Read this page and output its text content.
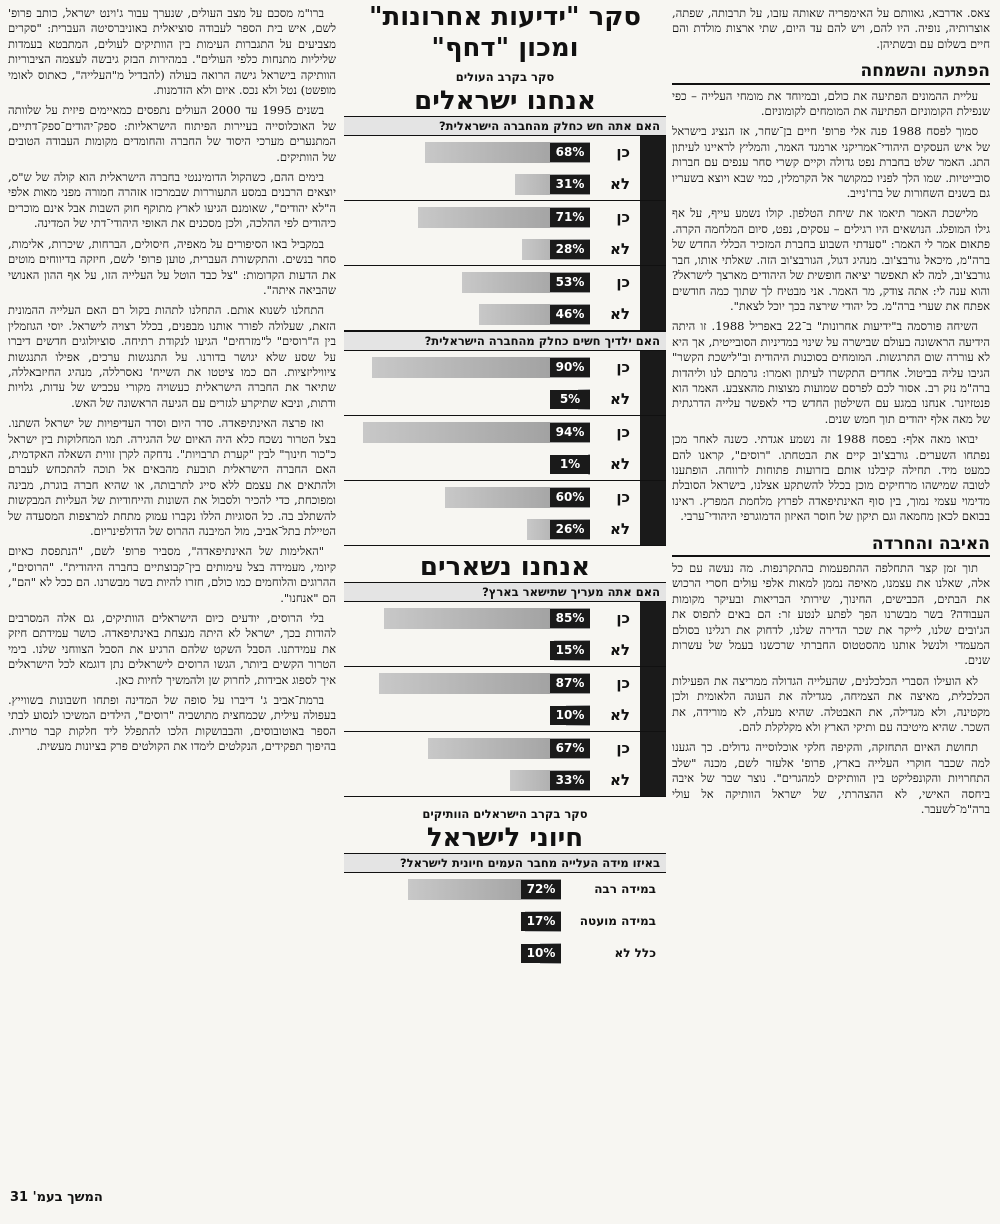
צאס. אדרבא, גאוותם על האימפריה שאותה עזבו, על תרבותה, שפתה, אוצרותיה, נופיה. היו להם, ויש להם עד היום, שתי ארצות מולדת והם חיים בשלום עם ובשתיהן.

הפתעה והשמחה

עליית ההמונים הפתיעה את כולם, ובמיוחד את מומחי העלייה – כפי שנפילת הקומוניזם הפתיעה את המומחים לקומוניזם.

סמוך לפסח 1988 פנה אלי פרופ' חיים בן־שחר, אז הנציג בישראל של איש העסקים היהודי־אמריקני ארמנד האמר, והמליץ לראיינו לעיתון התג. האמר שלט בחברת נפט גדולה וקיים קשרי סחר ענפים עם חברות סובייטיות. שמו הלך לפניו כמקושר אל הקרמלין, כמי שבא ויוצא בשעריו גם בשנים השחורות של ברז'נייב.

מלישכת האמר תיאמו את שיחת הטלפון. קולו נשמע עייף, על אף גילו המופלג. הנושאים היו רגילים – עסקים, נפט, סיום המלחמה הקרה. פתאום אמר לי האמר: "סעדתי השבוע בחברת המזכיר הכללי החדש של ברה"מ, מיכאל גורבצ'וב. מנהיג דגול, הגורבצ'וב הזה. שאלתי אותו, חבר גורבצ'וב, למה לא תאפשר יציאה חופשית של היהודים מארצך לישראל? והוא ענה לי: אתה צודק, מר האמר. אני מבטיח לך שתוך כמה חודשים אפתח את שערי ברה"מ. כל יהודי שירצה בכך יוכל לצאת".

השיחה פורסמה ב"ידיעות אחרונות" ב־22 באפריל 1988. זו היתה הידיעה הראשונה בעולם שבישרה על שינוי במדיניות הסובייטית, אך היא לא עוררה שום התרגשות. המומחים בסוכנות היהודית וב"לישכת הקשר" הגיבו עליה בביטול. אחדים התקשרו לעיתון ואמרו: גרמתם לנו וליהדות ברה"מ נזק רב. אסור לכם לפרסם שמועות מצוצות מהאצבע. האמר הוא פנטזיונר. אנחנו במגע עם השילטון החדש כדי לאפשר עלייה הדרגתית של מאה אלף יהודים תוך חמש שנים.

יבואו מאה אלף: בפסח 1988 זה נשמע אגדתי. כשנה לאחר מכן נפתחו השערים. גורבצ'וב קיים את הבטחתו. "רוסים", קראנו להם כמעט מיד. תחילה קיבלנו אותם בזרועות פתוחות לרווחה. הופתענו לטובה שמישהו מרחיקים מוכן בכלל להשתקע אצלנו, בישראל הסובלת מדימוי עצמי נמוך, בין סוף האינתיפאדה לפרוץ מלחמת המפרץ. ראינו בבואם לכאן מחמאה וגם תיקון של חוסר האיזון הדמוגרפי היהודי־ערבי.

האיבה והחרדה

תוך זמן קצר התחלפה ההתפעמות בהתקרנפות. מה נעשה עם כל אלה, שאלנו את עצמנו, מאיפה נממן למאות אלפי עולים חסרי הרכוש את הבתים, הכבישים, החינוך, שירותי הבריאות ובעיקר מקומות העבודה? בשר מבשרנו הפך לפתע לנטע זר: הם באים לתפוס את הג'ובים שלנו, לייקר את שכר הדירה שלנו, לדחוק את רגלינו בסולם המעמדי ולנשל אותנו מהסטטוס החברתי שרכשנו בעמל של עשרות שנים.

לא הועילו הסברי הכלכלנים, שהעלייה הגדולה ממריצה את הפעילות הכלכלית, מאיצה את הצמיחה, מגדילה את העוגה הלאומית ולכן מקטינה, ולא מגדילה, את האבטלה. שהיא מעלה, לא מורידה, את השכר. שהיא מיטיבה עם ותיקי הארץ ולא מקלקלת להם.

תחושת האיום התחזקה, והקיפה חלקי אוכלוסייה גדולים. כך הגענו למה שכבר חוקרי העלייה בארץ, פרופ' אלעזר לשם, מכנה "שלב התחרויות והקונפליקט בין הוותיקים למהגרים". נוצר שבר של איבה ביחסה האישי, לא ההצהרתי, של ישראל הוותיקה אל עולי ברה"מ־לשעבר.

סקר "ידיעות אחרונות"
ומכון "דחף"
סקר בקרב העולים
אנחנו ישראלים
האם אתה חש כחלק מהחברה הישראלית?
כן
68%
לא
31%
כן
71%
לא
28%
כן
53%
לא
46%
האם ילדיך חשים כחלק מהחברה הישראלית?
כן
90%
לא
5%
כן
94%
לא
1%
כן
60%
לא
26%
אנחנו נשארים
האם אתה מעריך שתישאר בארץ?
כן
85%
לא
15%
כן
87%
לא
10%
כן
67%
לא
33%
סקר בקרב הישראלים הוותיקים
חיוני לישראל
באיזו מידה העלייה מחבר העמים חיונית לישראל?
במידה רבה
72%
במידה מועטה
17%
כלל לא
10%

ברו"מ מסכם על מצב העולים, שנערך עבור ג'וינט ישראל, כותב פרופ' לשם, איש בית הספר לעבודה סוציאלית באוניברסיטה העברית: "סקרים מצביעים על התגברות העימות בין הוותיקים לעולים, המתבטא בעמדות שליליות מתנחות כלפי העולים". במהירות הבזק גיבשה לעצמה הציבוריות הוותיקה בישראל גישה הרואה בעולה (להבדיל מ"העלייה", כאתוס לאומי מופשט) נטל ולא נכס. איום ולא הזדמנות.

בשנים 1995 עד 2000 העולים נתפסים כמאיימים פיזית על שלוותה של האוכלוסייה בעיירות הפיתוח הישראליות: ספק־יהודים־ספק־דתיים, המתנערים מערכי היסוד של החברה והחומדים מקומות העבודה הטובים של הוותיקים.

בימים ההם, כשהקול הדומיננטי בחברה הישראלית הוא קולה של ש"ס, יוצאים הרבנים במסע התעוררות שבמרכזו אזהרה חמורה מפני מאות אלפי ה"לא יהודים", שאומנם הגיעו לארץ מתוקף חוק השבות אבל אינם מוכרים כיהודים לפי ההלכה, ולכן מסכנים את האופי היהודי־דתי של המדינה.

במקביל באו הסיפורים על מאפיה, חיסולים, הברחות, שיכרות, אלימות, סחר בנשים. והתקשורת העברית, טוען פרופ' לשם, חיזקה בדיווחים מוטים את הדעות הקדומות: "צל כבד הוטל על העלייה הזו, על אף ההון האנושי שהביאה איתה".

התחלנו לשנוא אותם. התחלנו לתהות בקול רם האם העלייה ההמונית הזאת, שעלולה לפורר אותנו מבפנים, בכלל רצויה לישראל. יוסי הגוזמלין בין ה"רוסים" ל"מזרחים" הגיעו לנקודת רתיחה. סוציולוגים חדשים דיברו על שסע שלא יגושר בדורנו. על התנגשות ערכים, אפילו התנגשות ציוויליזציות. הם כמו ציטטו את השייח' נאסרללה, מנהיג החיזבאללה, שתיאר את החברה הישראלית כעשויה מקורי עכביש של עדות, גלויות ודתות, וניבא שתיקרע לגזרים עם הגיעה הראשונה של האש.

ואז פרצה האינתיפאדה. סדר היום וסדר העדיפויות של ישראל השתנו. בצל הטרור נשכח כלא היה האיום של ההגירה. תמו המחלוקות בין ישראל כ"כור חינוך" לבין "קערת תרבויות". נדחקה לקרן זווית השאלה האקדמית, האם החברה הישראלית תובעת מהבאים אל תוכה להתכחש לעברם ולהתאים את עצמם ללא סייג לתרבותה, או שהיא חברה בוגרת, מבינה ומפוכחת, כדי להכיר ולסבול את השונות והייחודיות של העליות המבקשות להשתלב בה. כל הסוגיות הללו נקברו עמוק מתחת למרצפות המסעדה של הטיילת בתל־אביב, מול המיבנה ההרוס של הדולפינריום.

"האלימות של האינתיפאדה", מסביר פרופ' לשם, "הנתפסת כאיום קיומי, מעמידה בצל עימותים בין־קבוצתיים בחברה היהודית". "הרוסים", ההרוגים והלוחמים כמו כולם, חזרו להיות בשר מבשרנו. הם ככל לא "הם", הם "אנחנו".

בלי הרוסים, יודעים כיום הישראלים הוותיקים, גם אלה המסרבים להודות בכך, ישראל לא היתה מנצחת באינתיפאדה. כושר עמידתם חיזק את עמידתנו. הסבל השקט שלהם הרגיע את הסבל הצווחני שלנו. בימי הטרור הקשים ביותר, הגשו הרוסים לישראלים נתן דוגמא לכל הישראלים איך לספוג אבידות, לחרוק שן ולהמשיך לחיות כאן.

ברמת־אביב ג' דיברו על סופה של המדינה ופתחו חשבונות בשווייץ. בעפולה עילית, שכמחצית מתושביה "רוסים", הילדים המשיכו לנסוע לבתי הספר באוטובוסים, והבבושקות הלכו להתפלל ליד חלקות קבר טריות. בהיפוך תפקידים, הנקלטים לימדו את הקולטים פרק בציונות מעשית.

המשך בעמ' 31
